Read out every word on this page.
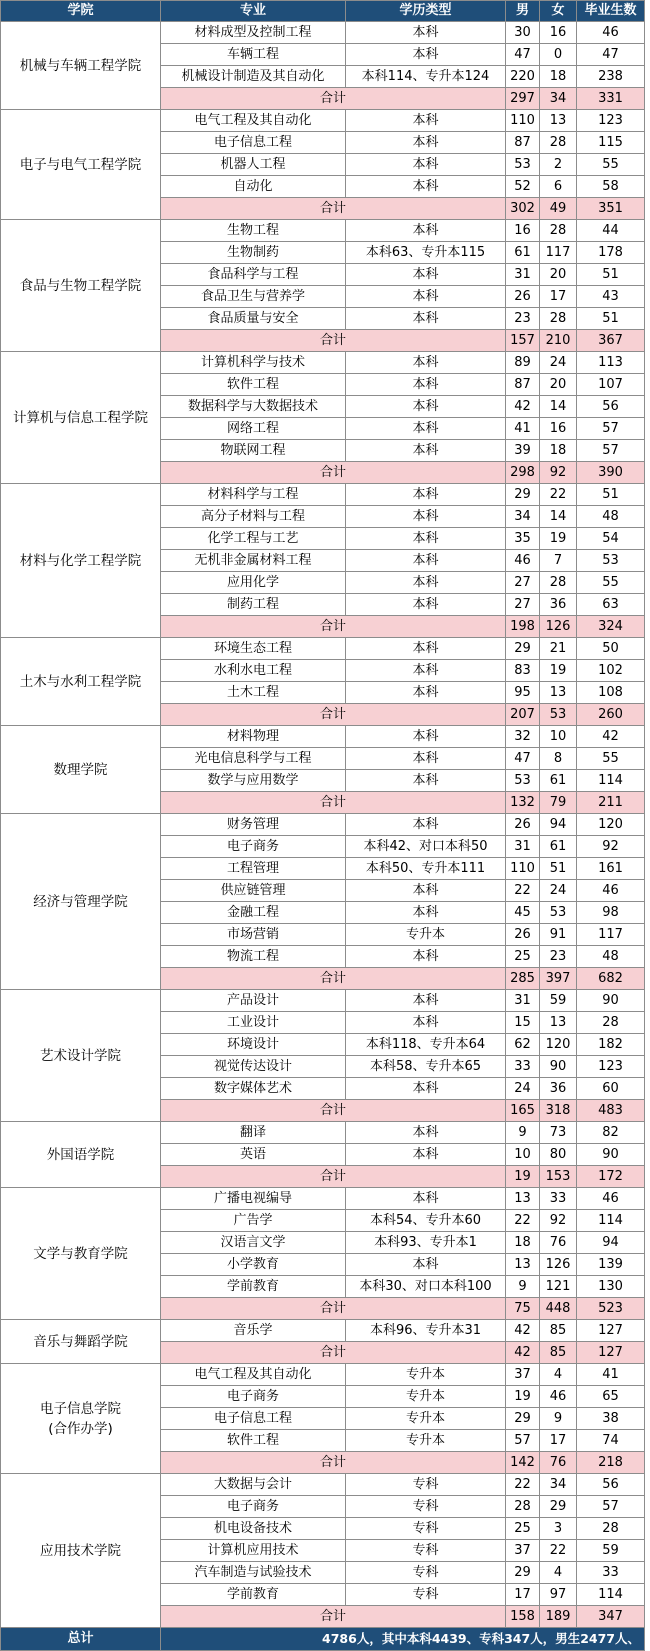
学院	专业	学历类型	男	女	毕业生数

机械与车辆工程学院	材料成型及控制工程	本科	30	16	46
	车辆工程	本科	47	0	47
	机械设计制造及其自动化	本科114、专升本124	220	18	238
	合计		297	34	331

电子与电气工程学院	电气工程及其自动化	本科	110	13	123
	电子信息工程	本科	87	28	115
	机器人工程	本科	53	2	55
	自动化	本科	52	6	58
	合计		302	49	351

食品与生物工程学院	生物工程	本科	16	28	44
	生物制药	本科63、专升本115	61	117	178
	食品科学与工程	本科	31	20	51
	食品卫生与营养学	本科	26	17	43
	食品质量与安全	本科	23	28	51
	合计		157	210	367

计算机与信息工程学院	计算机科学与技术	本科	89	24	113
	软件工程	本科	87	20	107
	数据科学与大数据技术	本科	42	14	56
	网络工程	本科	41	16	57
	物联网工程	本科	39	18	57
	合计		298	92	390

材料与化学工程学院	材料科学与工程	本科	29	22	51
	高分子材料与工程	本科	34	14	48
	化学工程与工艺	本科	35	19	54
	无机非金属材料工程	本科	46	7	53
	应用化学	本科	27	28	55
	制药工程	本科	27	36	63
	合计		198	126	324

土木与水利工程学院	环境生态工程	本科	29	21	50
	水利水电工程	本科	83	19	102
	土木工程	本科	95	13	108
	合计		207	53	260

数理学院	材料物理	本科	32	10	42
	光电信息科学与工程	本科	47	8	55
	数学与应用数学	本科	53	61	114
	合计		132	79	211

经济与管理学院	财务管理	本科	26	94	120
	电子商务	本科42、对口本科50	31	61	92
	工程管理	本科50、专升本111	110	51	161
	供应链管理	本科	22	24	46
	金融工程	本科	45	53	98
	市场营销	专升本	26	91	117
	物流工程	本科	25	23	48
	合计		285	397	682

艺术设计学院	产品设计	本科	31	59	90
	工业设计	本科	15	13	28
	环境设计	本科118、专升本64	62	120	182
	视觉传达设计	本科58、专升本65	33	90	123
	数字媒体艺术	本科	24	36	60
	合计		165	318	483

外国语学院	翻译	本科	9	73	82
	英语	本科	10	80	90
	合计		19	153	172

文学与教育学院	广播电视编导	本科	13	33	46
	广告学	本科54、专升本60	22	92	114
	汉语言文学	本科93、专升本1	18	76	94
	小学教育	本科	13	126	139
	学前教育	本科30、对口本科100	9	121	130
	合计		75	448	523

音乐与舞蹈学院	音乐学	本科96、专升本31	42	85	127
	合计		42	85	127

电子信息学院
(合作办学)	电气工程及其自动化	专升本	37	4	41
	电子商务	专升本	19	46	65
	电子信息工程	专升本	29	9	38
	软件工程	专升本	57	17	74
	合计		142	76	218

应用技术学院	大数据与会计	专科	22	34	56
	电子商务	专科	28	29	57
	机电设备技术	专科	25	3	28
	计算机应用技术	专科	37	22	59
	汽车制造与试验技术	专科	29	4	33
	学前教育	专科	17	97	114
	合计		158	189	347
总计	4786人，其中本科4439、专科347人，男生2477人、				
